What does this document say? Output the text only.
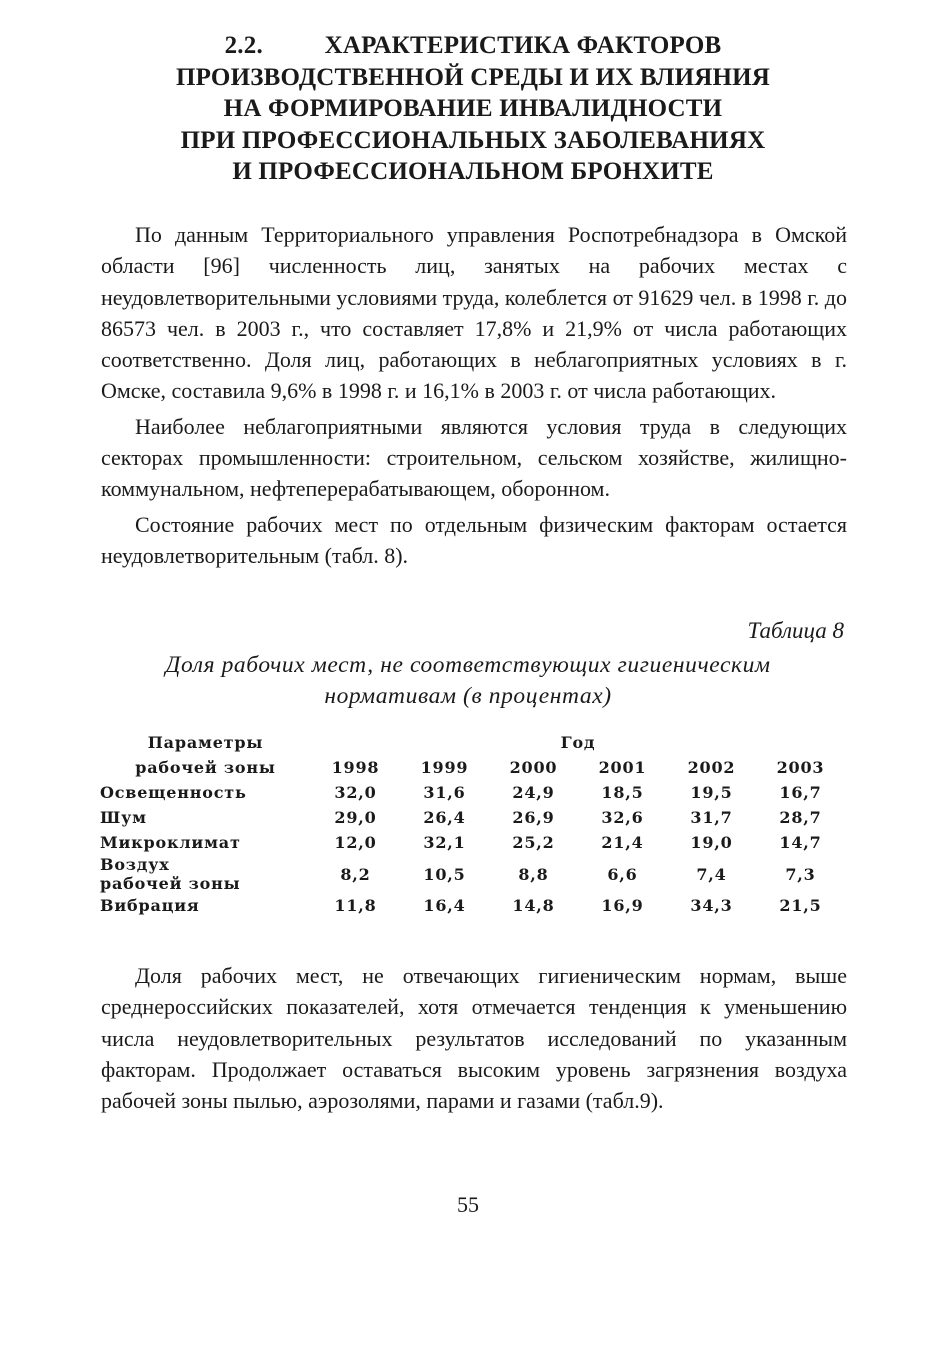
2.2. ХАРАКТЕРИСТИКА ФАКТОРОВ
ПРОИЗВОДСТВЕННОЙ СРЕДЫ И ИХ ВЛИЯНИЯ
НА ФОРМИРОВАНИЕ ИНВАЛИДНОСТИ
ПРИ ПРОФЕССИОНАЛЬНЫХ ЗАБОЛЕВАНИЯХ
И ПРОФЕССИОНАЛЬНОМ БРОНХИТЕ

По данным Территориального управления Роспотребнадзора в Омской области [96] численность лиц, занятых на рабочих местах с неудовлетворительными условиями труда, колеблется от 91629 чел. в 1998 г. до 86573 чел. в 2003 г., что составляет 17,8% и 21,9% от числа работающих соответственно. Доля лиц, работающих в неблагоприятных условиях в г. Омске, составила 9,6% в 1998 г. и 16,1% в 2003 г. от числа работающих.

Наиболее неблагоприятными являются условия труда в следующих секторах промышленности: строительном, сельском хозяйстве, жилищно-коммунальном, нефтеперерабатывающем, оборонном.

Состояние рабочих мест по отдельным физическим факторам остается неудовлетворительным (табл. 8).

Таблица 8
Доля рабочих мест, не соответствующих гигиеническим
нормативам (в процентах)
Параметры	Год					
рабочей зоны	1998	1999	2000	2001	2002	2003
Освещенность	32,0	31,6	24,9	18,5	19,5	16,7
Шум	29,0	26,4	26,9	32,6	31,7	28,7
Микроклимат	12,0	32,1	25,2	21,4	19,0	14,7

Воздух
рабочей зоны	8,2	10,5	8,8	6,6	7,4	7,3
Вибрация	11,8	16,4	14,8	16,9	34,3	21,5

Доля рабочих мест, не отвечающих гигиеническим нормам, выше среднероссийских показателей, хотя отмечается тенденция к уменьшению числа неудовлетворительных результатов исследований по указанным факторам. Продолжает оставаться высоким уровень загрязнения воздуха рабочей зоны пылью, аэрозолями, парами и газами (табл.9).

55
